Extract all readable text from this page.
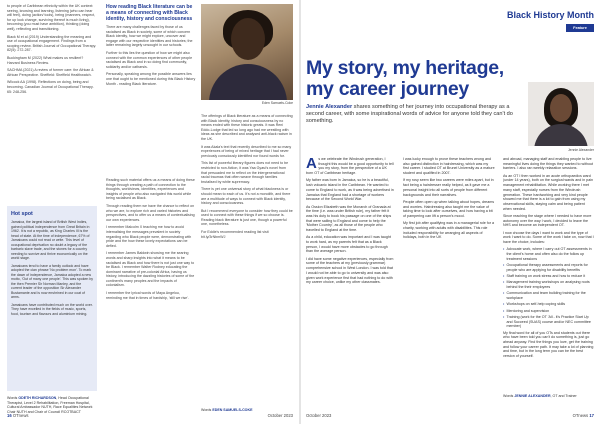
to people of Caribbean ethnicity within the UK context: seeing, knowing and learning, listening (who can hear will feel), doing (action/ tools), being (manners, respect, for up look change, surviving thereof is much living), becoming (you must have ambition), thinking (doing well), reflecting and transitioning.

Black M et al (2019) Understanding the meaning and use of occupational engagement. Findings from a scoping review. British Journal of Occupational Therapy. 82(5): 272-287.
Buckingham M (2022) What makes us resilient? Harvard Business Review.
SACHMA (2021) A review of former care: the African & African Perspective. Sheffield: Sheffield Healthwatch.
Wilcock AA (1998). Reflections on doing, being and becoming. Canadian Journal of Occupational Therapy. 65: 248-256.
Hot spot

Jamaica, the largest island of British West Indies, gained political independence from Great Britain in 1962. It is not a republic, as King Charles III is the head of state. At the time of independence, 67% of Jamaicans could not read or write. This level of occupational deprivation no doubt a legacy of the barbaric slave trade, and the stones for a country needing to survive and thrive economically on the world stage.

Jamaicans tend to have a family outlook and have adopted the clan phrase 'No problem mon'. To mark the dawn of independence, Jamaica adopted a new motto, 'Out of many one people'. This was spoken by the then Premier Sir Norman Manley, and the current leader of the opposition Sir Alexander Bustamante and is now enshrined in our coat of arms.

Jamaicans have contributed much on the world over. They have excelled in the fields of music, sports, food, tourism and flavours and aluminium mining.

Words ODETH RICHARDSON, Head Occupational Therapist, Level 2 Rehabilitation, Freeman Hospital, Cultural Ambassador NUTH, Race Equalities Network Chair NUTH and Chair of Council RCOTBACT
How reading Black literature can be a means of connecting with Black identity, history and consciousness

There are many challenges faced by those of us racialised as Black in society, some of which concern Black identity, how we might explore, uncover and engage with our respective identities and histories; the latter remaining largely unsought in our schools.

Further to this lies the question of how we might also connect with the common experiences of other people racialised as Black and in so doing find community, solidarity and/or catharsis.

Personally, speaking among the possible answers lies one that ought to be mentioned during this Black History Month - reading Black literature.

Reading such material offers us a means of doing these things through creating a path of connection to the thoughts, worldviews, identities, experiences and insights of people who also navigated this world while being racialised as Black.

Through reading them we have the chance to reflect on who we are, to explore rich and varied histories and perspectives, and to offer us a means of contextualising our own experiences.

I remember Malcolm X teaching me how to avoid internalising the messages prevalent in society regarding who Black people were, demonstrating with pride and the how these lovely expectations can be defied.

I remember James Baldwin showing me the searing words and sharp insights into what it means to be racialised as Black and how there is not just one way to be Black. I remember Walter Rodney educating the dominant narrative of pre-colonial Africa, having us history, introducing the dazzling histories of some of the continent's many peoples and the impacts of colonialism.

I remember the lyrical words of Maya Angelou, reminding me that in times of hardship, 'still we rise'.

Eden Samuels-Coke

The offerings of Black literature as a means of connecting with Black identity, history and consciousness by no means ended with these historic greats. It was Reni Eddo-Lodge that led so long ago had me wrestling with ideas as she described and analysed anti-black racism in the UK.

It was Akala's text that recently described to me so many experiences of being of mixed heritage that I had never previously consciously identified nor found words for.

This list of powerful literary figures does not need to be restricted to non-fiction, it was Yaa Gyasi's novel from that persuaded me to reflect on the intergenerational racial traumas that often weave through families brutalised by white supremacy.

There is yet one universal story of what blackness is or should mean to each of us. It's not a monolith, and there are a multitude of ways to connect with Black identity, history and consciousness.

But I recommend everyone to consider how they could be used to connect with these things if we so choose is. Reading black literature is just one, though a powerful one, nonetheless.

For Eddie's recommended reading list visit bit.ly/3rNbmWJ

Words EDEN SAMUELS-COKE
16 OTnews	October 2023
Black History Month
Feature
My story, my heritage, my career journey
Jennie Alexander shares something of her journey into occupational therapy as a second career, with some inspirational words of advice for anyone told they can't do something.
Jennie Alexander

As we celebrate the Windrush generation, I thought this would be a good opportunity to tell you my story, from the perspective of a UK born OT of Caribbean heritage.

My father was born in Jamaica, so he is a beautiful, lush volcanic island in the Caribbean. He wanted to come to England to work, as it was being advertised in Jamaica that England had a shortage of workers because of the Second World War.

As Ossion Elizabeth was the Monarch of Granada at the time (i.e. was under British rule), my father felt it was his duty to book his passage on one of the ships that were sailing to England and come to help the 'Mother Country', as all those of the people who travelled to England at the time.

As a child, education was important and I was taught to work hard, as my parents felt that as a Black person, I would have more obstacles to go through than the average person.

I did have some negative experiences, especially from some of the teachers at my (previously grammar) comprehensive school in West London. I was told that I would not be able to go to university and was also given work experience first that had nothing to do with my career choice, unlike my other classmates.

I was lucky enough to prove these teachers wrong and also gained distinction in hairdressing, which was my first career. I studied OT at Brunel University as a mature student and qualified in 2007.

If my rosy seem like two careers were miles apart, but in fact being a hairdresser really helped, as it gave me a personal insight into all sorts of people from different backgrounds and their narratives.

People often open up when talking about hopes, dreams and worries. Hairdressing also taught me the value of taking time to look after ourselves, and how having a bit of pampering can lift a person's mood.

My first job after qualifying was in a managerial role for a charity, working with adults with disabilities. This role included responsibility for arranging all aspects of holidays, both in the UK

and abroad, managing staff and enabling people to live meaningful lives doing the things they wanted to without barriers. I also ran weekly relaxation sessions.

As an OT I then worked in an acute orthopaedics ward (under 14 years), both on the surgical wards and in pain management rehabilitation. While working there I met many staff, especially nurses from the Windrush generation. These hardworking and very kind people showed me that there is a lot to gain from using my observational skills, staying calm and being patient when needed.

Since reaching the stage where I needed to have more autonomy over the way I work, I decided to leave the NHS and become an independent OT.

I now choose the days I want to work and the type of work I want to do. Some of the work I take on, now that I have the choice, includes:

• Advocate work, where I carry out OT assessments in the client's home and often also do the follow up treatment sessions
• Occupational therapy assessments and reports for people who are applying for disability benefits
• Staff training on work stress and how to reduce it
• Management training workshops on analysing roots behind the their employees
• Communication and team building training for the workplace
• Workshops on self-help coping skills
• Mentoring and supervision
• Training (work for the OT 'All - it's Practice Start Up and Succeed (SUAS) course and/or NEC committee member)

My final word for all of you OTs and students out there who have been told you can't do something is, just go ahead anyway. Find the things you love, get the training and follow your career path. It may take a lot of planning and time, but in the long term you can be the best version of yourself.

Words JENNIE ALEXANDER, OT and Trainer
October 2023	OTnews 17
